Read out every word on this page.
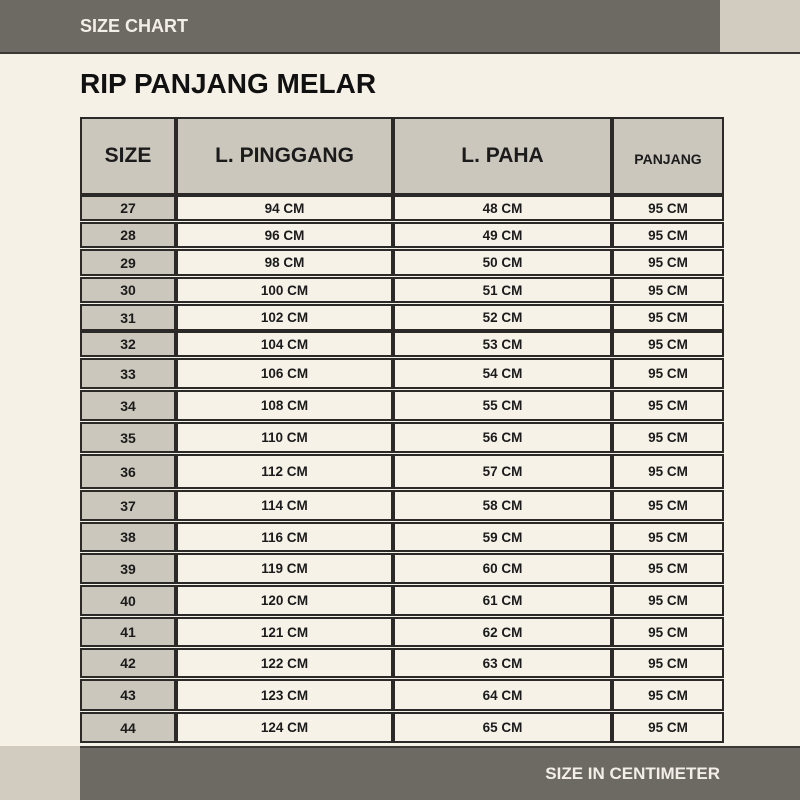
SIZE CHART
RIP PANJANG MELAR
SIZE	L. PINGGANG	L. PAHA	PANJANG
27	94 CM	48 CM	95 CM
28	96 CM	49 CM	95 CM
29	98 CM	50 CM	95 CM
30	100 CM	51 CM	95 CM
31	102 CM	52 CM	95 CM
32	104 CM	53 CM	95 CM
33	106 CM	54 CM	95 CM
34	108 CM	55 CM	95 CM
35	110 CM	56 CM	95 CM
36	112 CM	57 CM	95 CM
37	114 CM	58 CM	95 CM
38	116 CM	59 CM	95 CM
39	119 CM	60 CM	95 CM
40	120 CM	61 CM	95 CM
41	121 CM	62 CM	95 CM
42	122 CM	63 CM	95 CM
43	123 CM	64 CM	95 CM
44	124 CM	65 CM	95 CM
SIZE IN CENTIMETER
